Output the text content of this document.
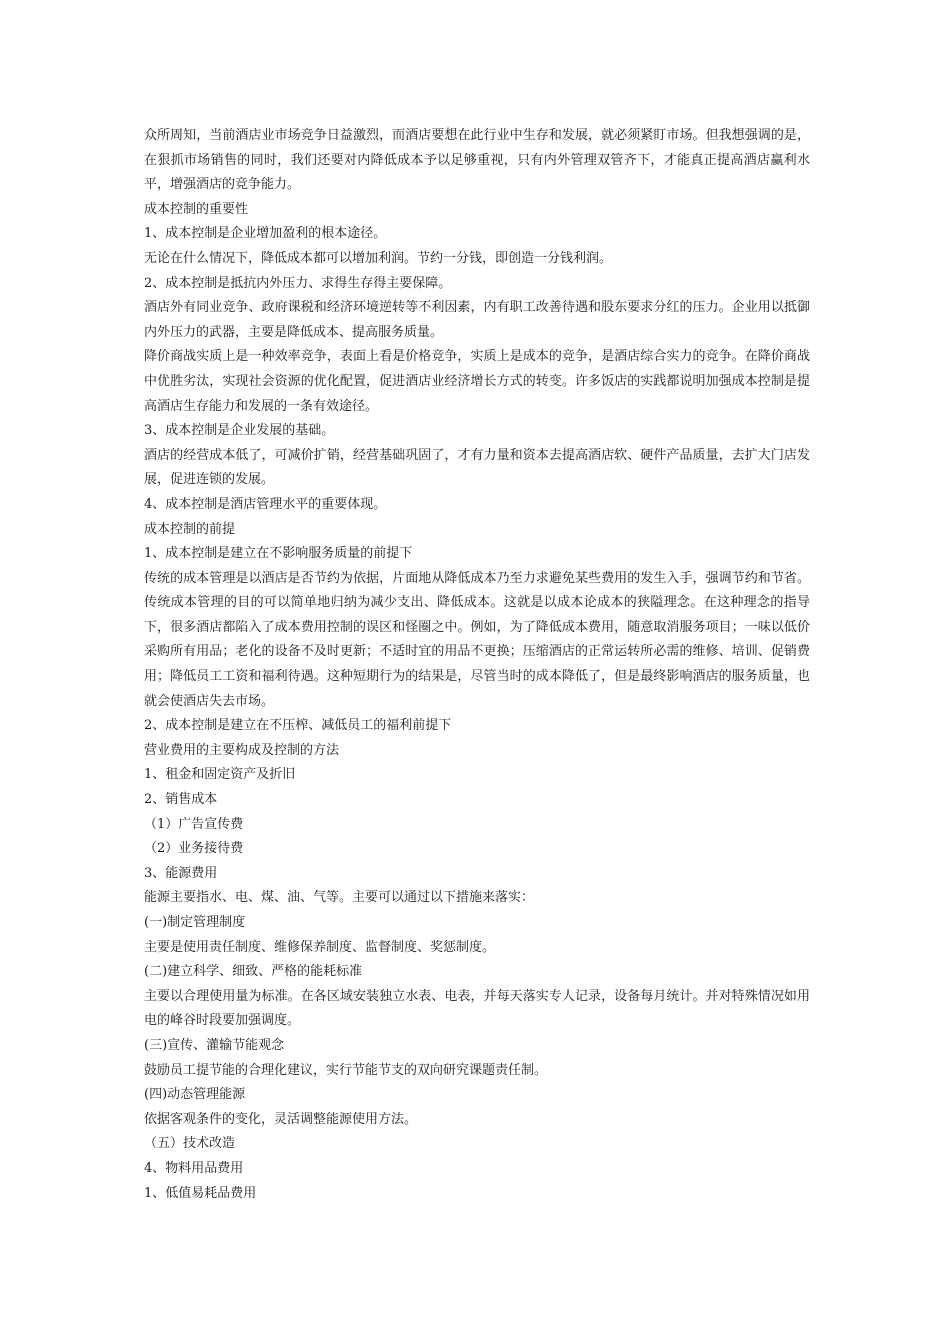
众所周知，当前酒店业市场竞争日益激烈，而酒店要想在此行业中生存和发展，就必须紧盯市场。但我想强调的是，在狠抓市场销售的同时，我们还要对内降低成本予以足够重视，只有内外管理双管齐下，才能真正提高酒店赢利水平，增强酒店的竞争能力。

成本控制的重要性

1、成本控制是企业增加盈利的根本途径。

无论在什么情况下，降低成本都可以增加利润。节约一分钱，即创造一分钱利润。

2、成本控制是抵抗内外压力、求得生存得主要保障。

酒店外有同业竞争、政府课税和经济环境逆转等不利因素，内有职工改善待遇和股东要求分红的压力。企业用以抵御内外压力的武器，主要是降低成本、提高服务质量。

降价商战实质上是一种效率竞争，表面上看是价格竞争，实质上是成本的竞争，是酒店综合实力的竞争。在降价商战中优胜劣汰，实现社会资源的优化配置，促进酒店业经济增长方式的转变。许多饭店的实践都说明加强成本控制是提高酒店生存能力和发展的一条有效途径。

3、成本控制是企业发展的基础。

酒店的经营成本低了，可减价扩销，经营基础巩固了，才有力量和资本去提高酒店软、硬件产品质量，去扩大门店发展，促进连锁的发展。

4、成本控制是酒店管理水平的重要体现。

成本控制的前提

1、成本控制是建立在不影响服务质量的前提下

传统的成本管理是以酒店是否节约为依据，片面地从降低成本乃至力求避免某些费用的发生入手，强调节约和节省。传统成本管理的目的可以简单地归纳为减少支出、降低成本。这就是以成本论成本的狭隘理念。在这种理念的指导下，很多酒店都陷入了成本费用控制的误区和怪圈之中。例如，为了降低成本费用，随意取消服务项目；一味以低价采购所有用品；老化的设备不及时更新；不适时宜的用品不更换；压缩酒店的正常运转所必需的维修、培训、促销费用；降低员工工资和福利待遇。这种短期行为的结果是，尽管当时的成本降低了，但是最终影响酒店的服务质量，也就会使酒店失去市场。

2、成本控制是建立在不压榨、减低员工的福利前提下

营业费用的主要构成及控制的方法

1、租金和固定资产及折旧

2、销售成本

（1）广告宣传费

（2）业务接待费

3、能源费用

能源主要指水、电、煤、油、气等。主要可以通过以下措施来落实：

(一)制定管理制度

主要是使用责任制度、维修保养制度、监督制度、奖惩制度。

(二)建立科学、细致、严格的能耗标准

主要以合理使用量为标准。在各区域安装独立水表、电表，并每天落实专人记录，设备每月统计。并对特殊情况如用电的峰谷时段要加强调度。

(三)宣传、灌输节能观念

鼓励员工提节能的合理化建议，实行节能节支的双向研究课题责任制。

(四)动态管理能源

依据客观条件的变化，灵活调整能源使用方法。

（五）技术改造

4、物料用品费用

1、低值易耗品费用
